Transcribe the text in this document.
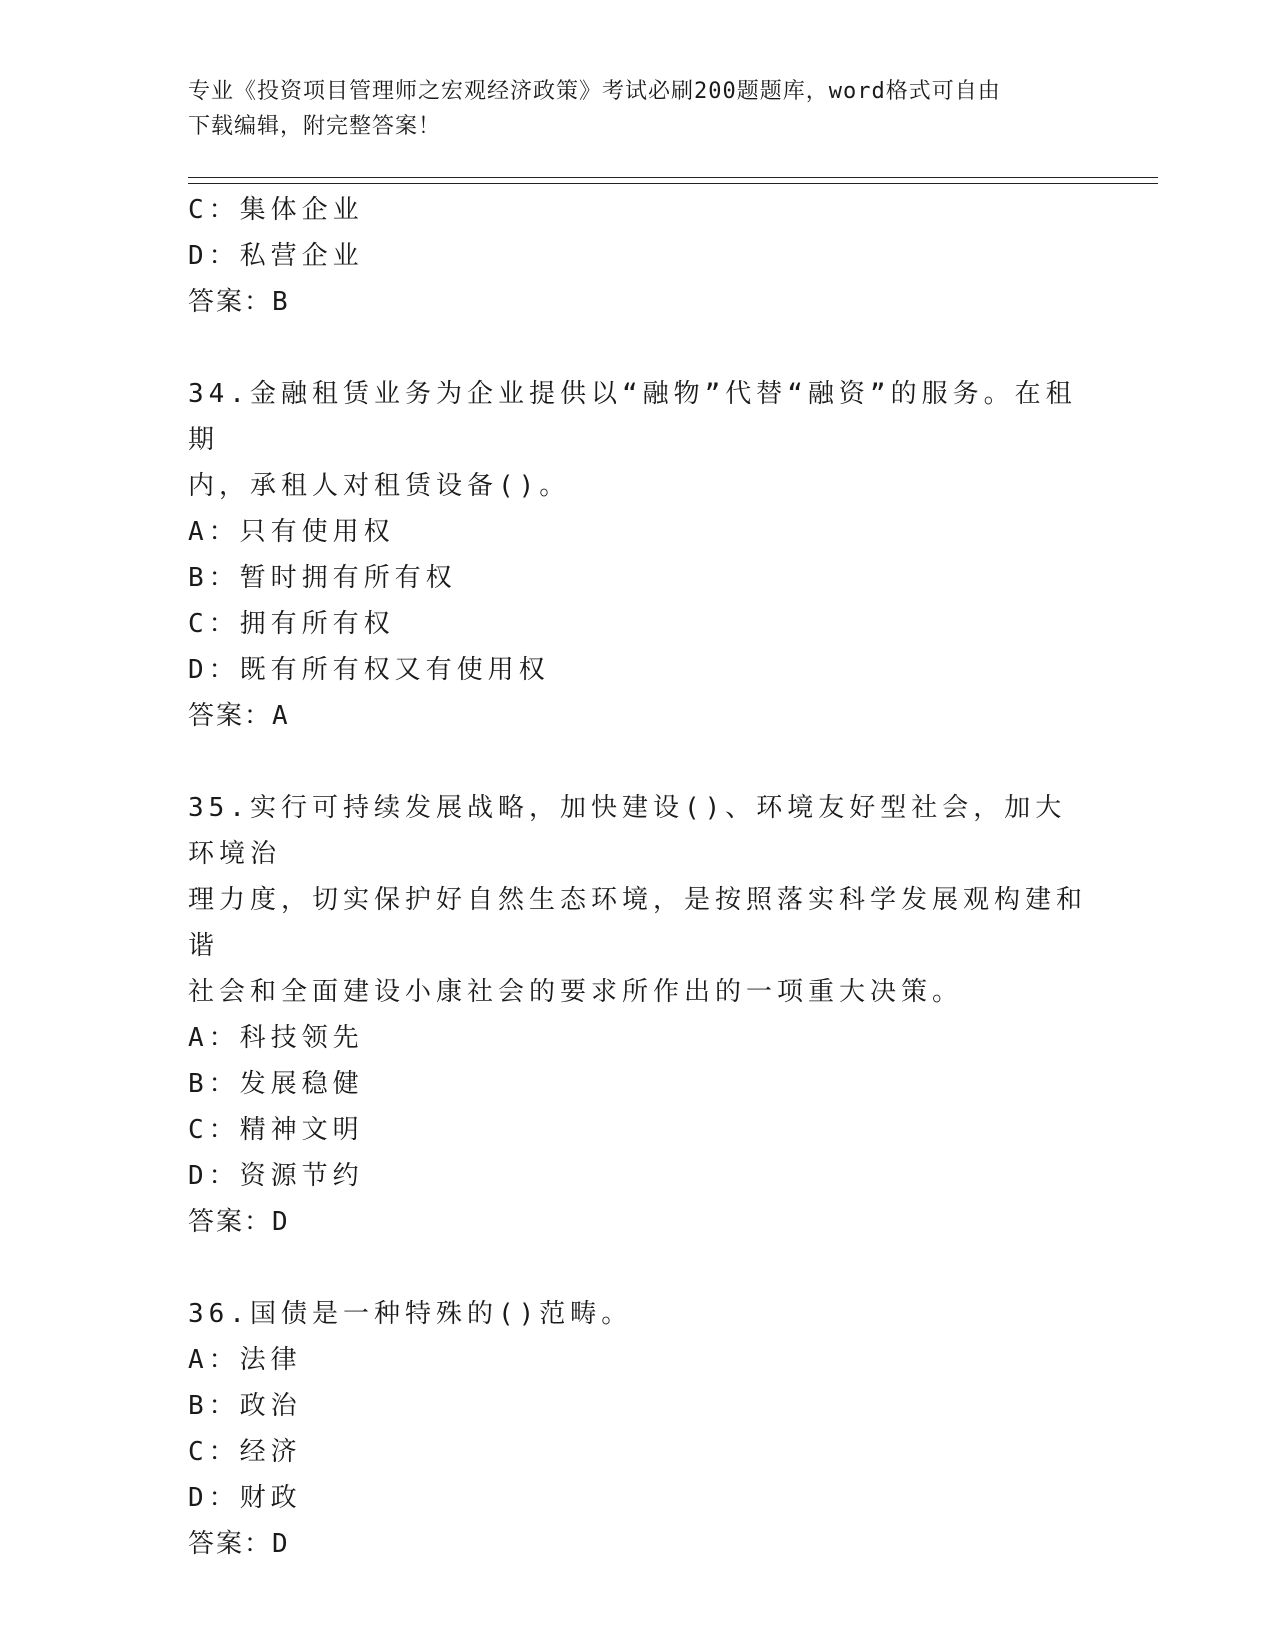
专业《投资项目管理师之宏观经济政策》考试必刷200题题库，word格式可自由
下载编辑，附完整答案！
C：集体企业
D：私营企业
答案：B
34.金融租赁业务为企业提供以“融物”代替“融资”的服务。在租期
内，承租人对租赁设备()。
A：只有使用权
B：暂时拥有所有权
C：拥有所有权
D：既有所有权又有使用权
答案：A
35.实行可持续发展战略，加快建设()、环境友好型社会，加大环境治
理力度，切实保护好自然生态环境，是按照落实科学发展观构建和谐
社会和全面建设小康社会的要求所作出的一项重大决策。
A：科技领先
B：发展稳健
C：精神文明
D：资源节约
答案：D
36.国债是一种特殊的()范畴。
A：法律
B：政治
C：经济
D：财政
答案：D
